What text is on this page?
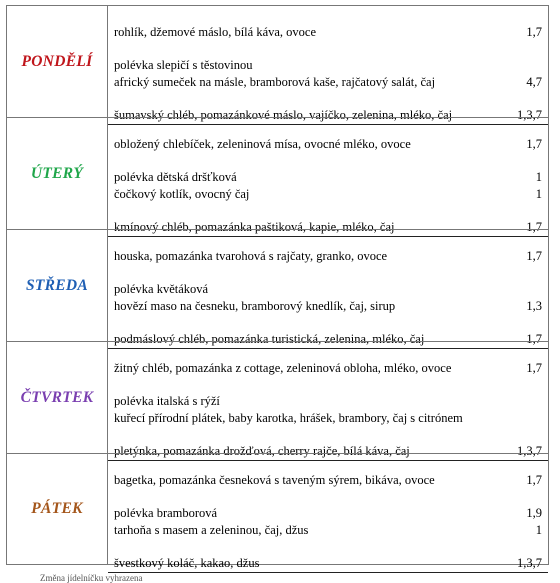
PONDĚLÍ
rohlík, džemové máslo, bílá káva, ovoce	1,7
polévka slepičí s těstovinou
africký sumeček na másle, bramborová kaše, rajčatový salát, čaj	4,7
šumavský chléb, pomazánkové máslo, vajíčko, zelenina, mléko, čaj	1,3,7
ÚTERÝ
obložený chlebíček, zeleninová mísa, ovocné mléko, ovoce	1,7
polévka dětská dršťková	1
čočkový kotlík, ovocný čaj	1
kmínový chléb, pomazánka paštiková, kapie, mléko, čaj	1,7
STŘEDA
houska, pomazánka tvarohová s rajčaty, granko, ovoce	1,7
polévka květáková
hovězí maso na česneku, bramborový knedlík, čaj, sirup	1,3
podmáslový chléb, pomazánka turistická, zelenina, mléko, čaj	1,7
ČTVRTEK
žitný chléb, pomazánka z cottage, zeleninová obloha, mléko, ovoce	1,7
polévka italská s rýží
kuřecí přírodní plátek, baby karotka, hrášek, brambory, čaj s citrónem
pletýnka, pomazánka drožďová, cherry rajče, bílá káva, čaj	1,3,7
PÁTEK
bagetka, pomazánka česneková s taveným sýrem, bikáva, ovoce	1,7
polévka bramborová	1,9
tarhoňa s masem a zeleninou, čaj, džus	1
švestkový koláč, kakao, džus	1,3,7
Změna jídelníčku vyhrazena
